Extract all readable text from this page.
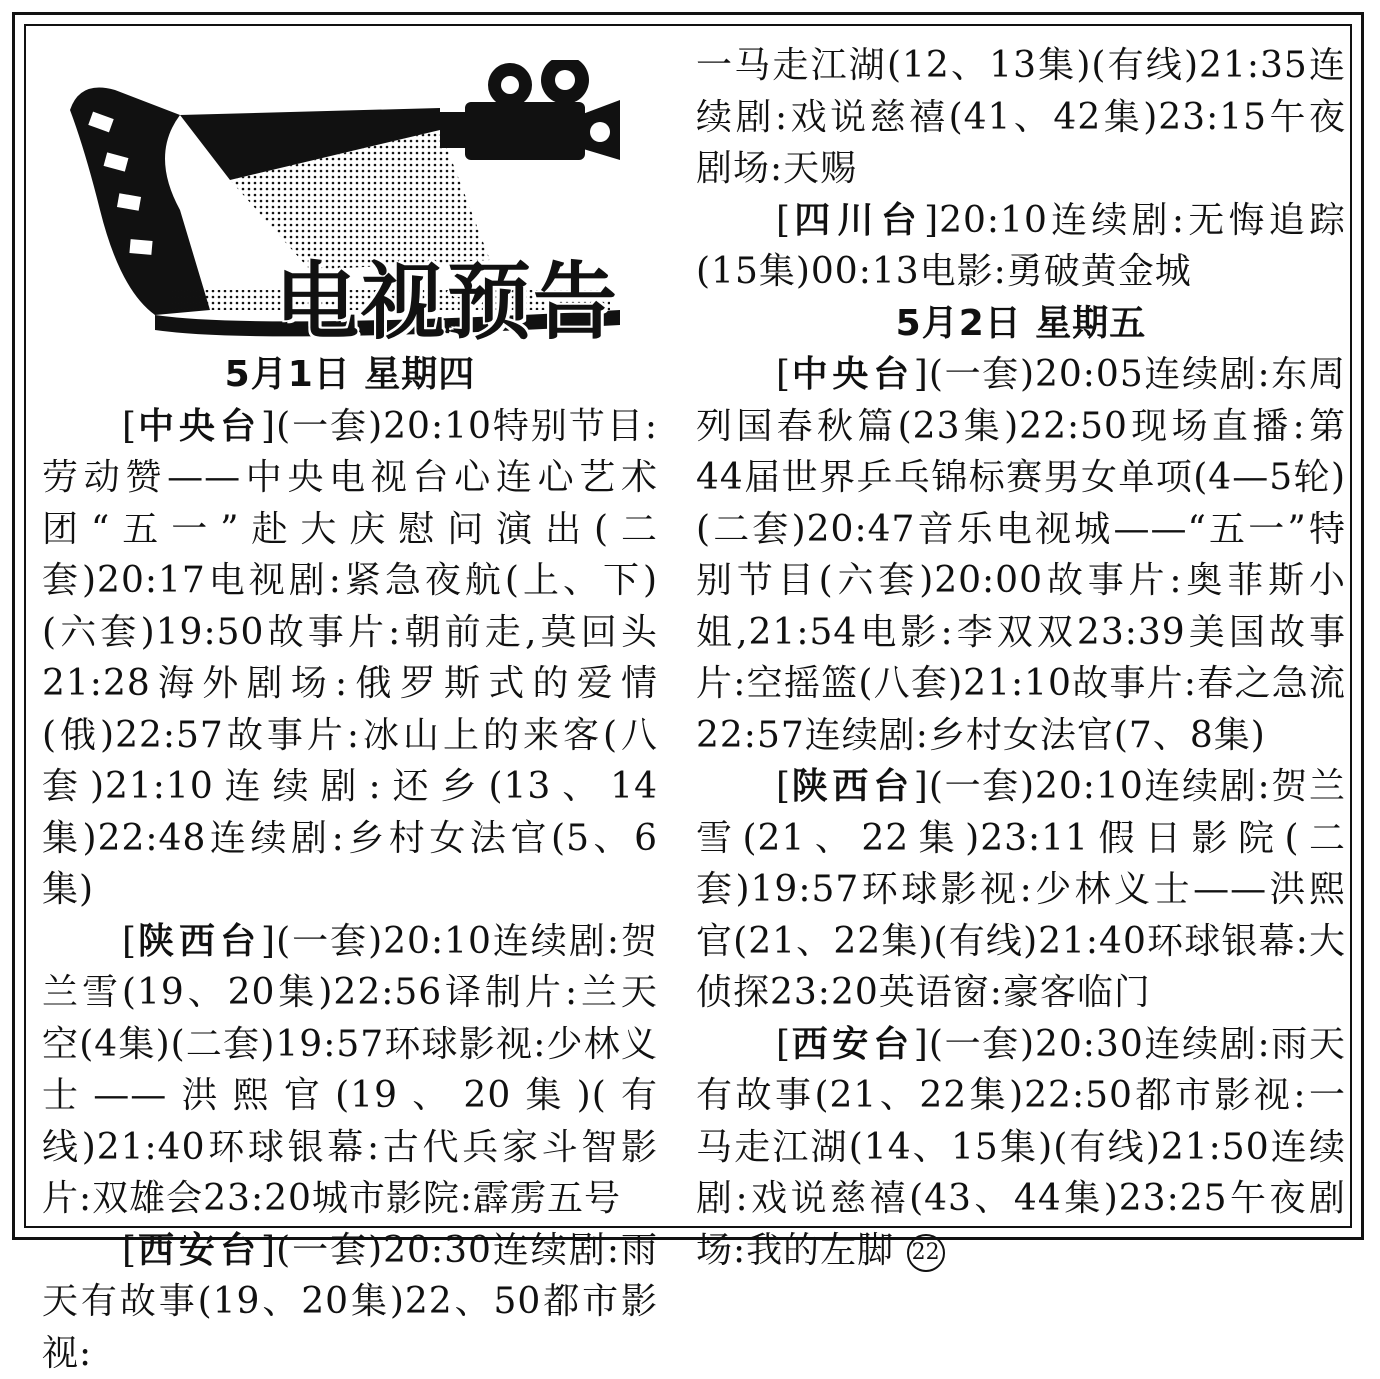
电视预告

5月1日 星期四

[中央台](一套)20:10特别节目:劳动赞——中央电视台心连心艺术团“五一”赴大庆慰问演出(二套)20:17电视剧:紧急夜航(上、下)(六套)19:50故事片:朝前走,莫回头21:28海外剧场:俄罗斯式的爱情(俄)22:57故事片:冰山上的来客(八套)21:10连续剧:还乡(13、14集)22:48连续剧:乡村女法官(5、6集)

[陕西台](一套)20:10连续剧:贺兰雪(19、20集)22:56译制片:兰天空(4集)(二套)19:57环球影视:少林义士——洪熙官(19、20集)(有线)21:40环球银幕:古代兵家斗智影片:双雄会23:20城市影院:霹雳五号

[西安台](一套)20:30连续剧:雨天有故事(19、20集)22、50都市影视:

一马走江湖(12、13集)(有线)21:35连续剧:戏说慈禧(41、42集)23:15午夜剧场:天赐

[四川台]20:10连续剧:无悔追踪(15集)00:13电影:勇破黄金城

5月2日 星期五

[中央台](一套)20:05连续剧:东周列国春秋篇(23集)22:50现场直播:第44届世界乒乓锦标赛男女单项(4—5轮)(二套)20:47音乐电视城——“五一”特别节目(六套)20:00故事片:奥菲斯小姐,21:54电影:李双双23:39美国故事片:空摇篮(八套)21:10故事片:春之急流22:57连续剧:乡村女法官(7、8集)

[陕西台](一套)20:10连续剧:贺兰雪(21、22集)23:11假日影院(二套)19:57环球影视:少林义士——洪熙官(21、22集)(有线)21:40环球银幕:大侦探23:20英语窗:豪客临门

[西安台](一套)20:30连续剧:雨天有故事(21、22集)22:50都市影视:一马走江湖(14、15集)(有线)21:50连续剧:戏说慈禧(43、44集)23:25午夜剧场:我的左脚 22
